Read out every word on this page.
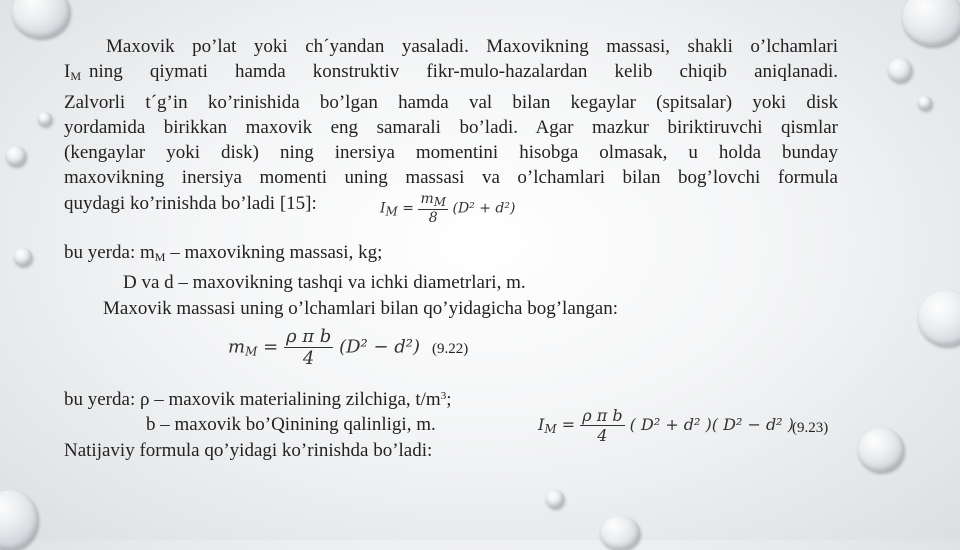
Maxovik po’lat yoki ch´yandan yasaladi. Maxovikning massasi, shakli o’lchamlari
$I_M$ ning qiymati hamda konstruktiv fikr-mulo-hazalardan kelib chiqib aniqlanadi.
Zalvorli t´g’in ko’rinishida bo’lgan hamda val bilan kegaylar (spitsalar) yoki disk
yordamida birikkan maxovik eng samarali bo’ladi. Agar mazkur biriktiruvchi qismlar
(kengaylar yoki disk) ning inersiya momentini hisobga olmasak, u holda bunday
maxovikning inersiya momenti uning massasi va o’lchamlari bilan bog’lovchi formula
quydagi ko’rinishda bo’ladi [15]:	$I_M = \frac{m_M}{8} (D^2 + d^2)$
bu yerda: $m_M$ – maxovikning massasi, kg;
D va d – maxovikning tashqi va ichki diametrlari, m.
Maxovik massasi uning o’lchamlari bilan qo’yidagicha bog’langan:
$m_M = \frac{\text{ρ π b}}{4} (D^2 - d^2)$ (9.22)
bu yerda: ρ – maxovik materialining zilchiga, $t/m^3$;
b – maxovik bo’Qinining qalinligi, m.
Natijaviy formula qo’yidagi ko’rinishda bo’ladi:
$I_M = \frac{\text{ρ π b}}{4}$ ( D² + d² )( D² − d² )
(9.23)
